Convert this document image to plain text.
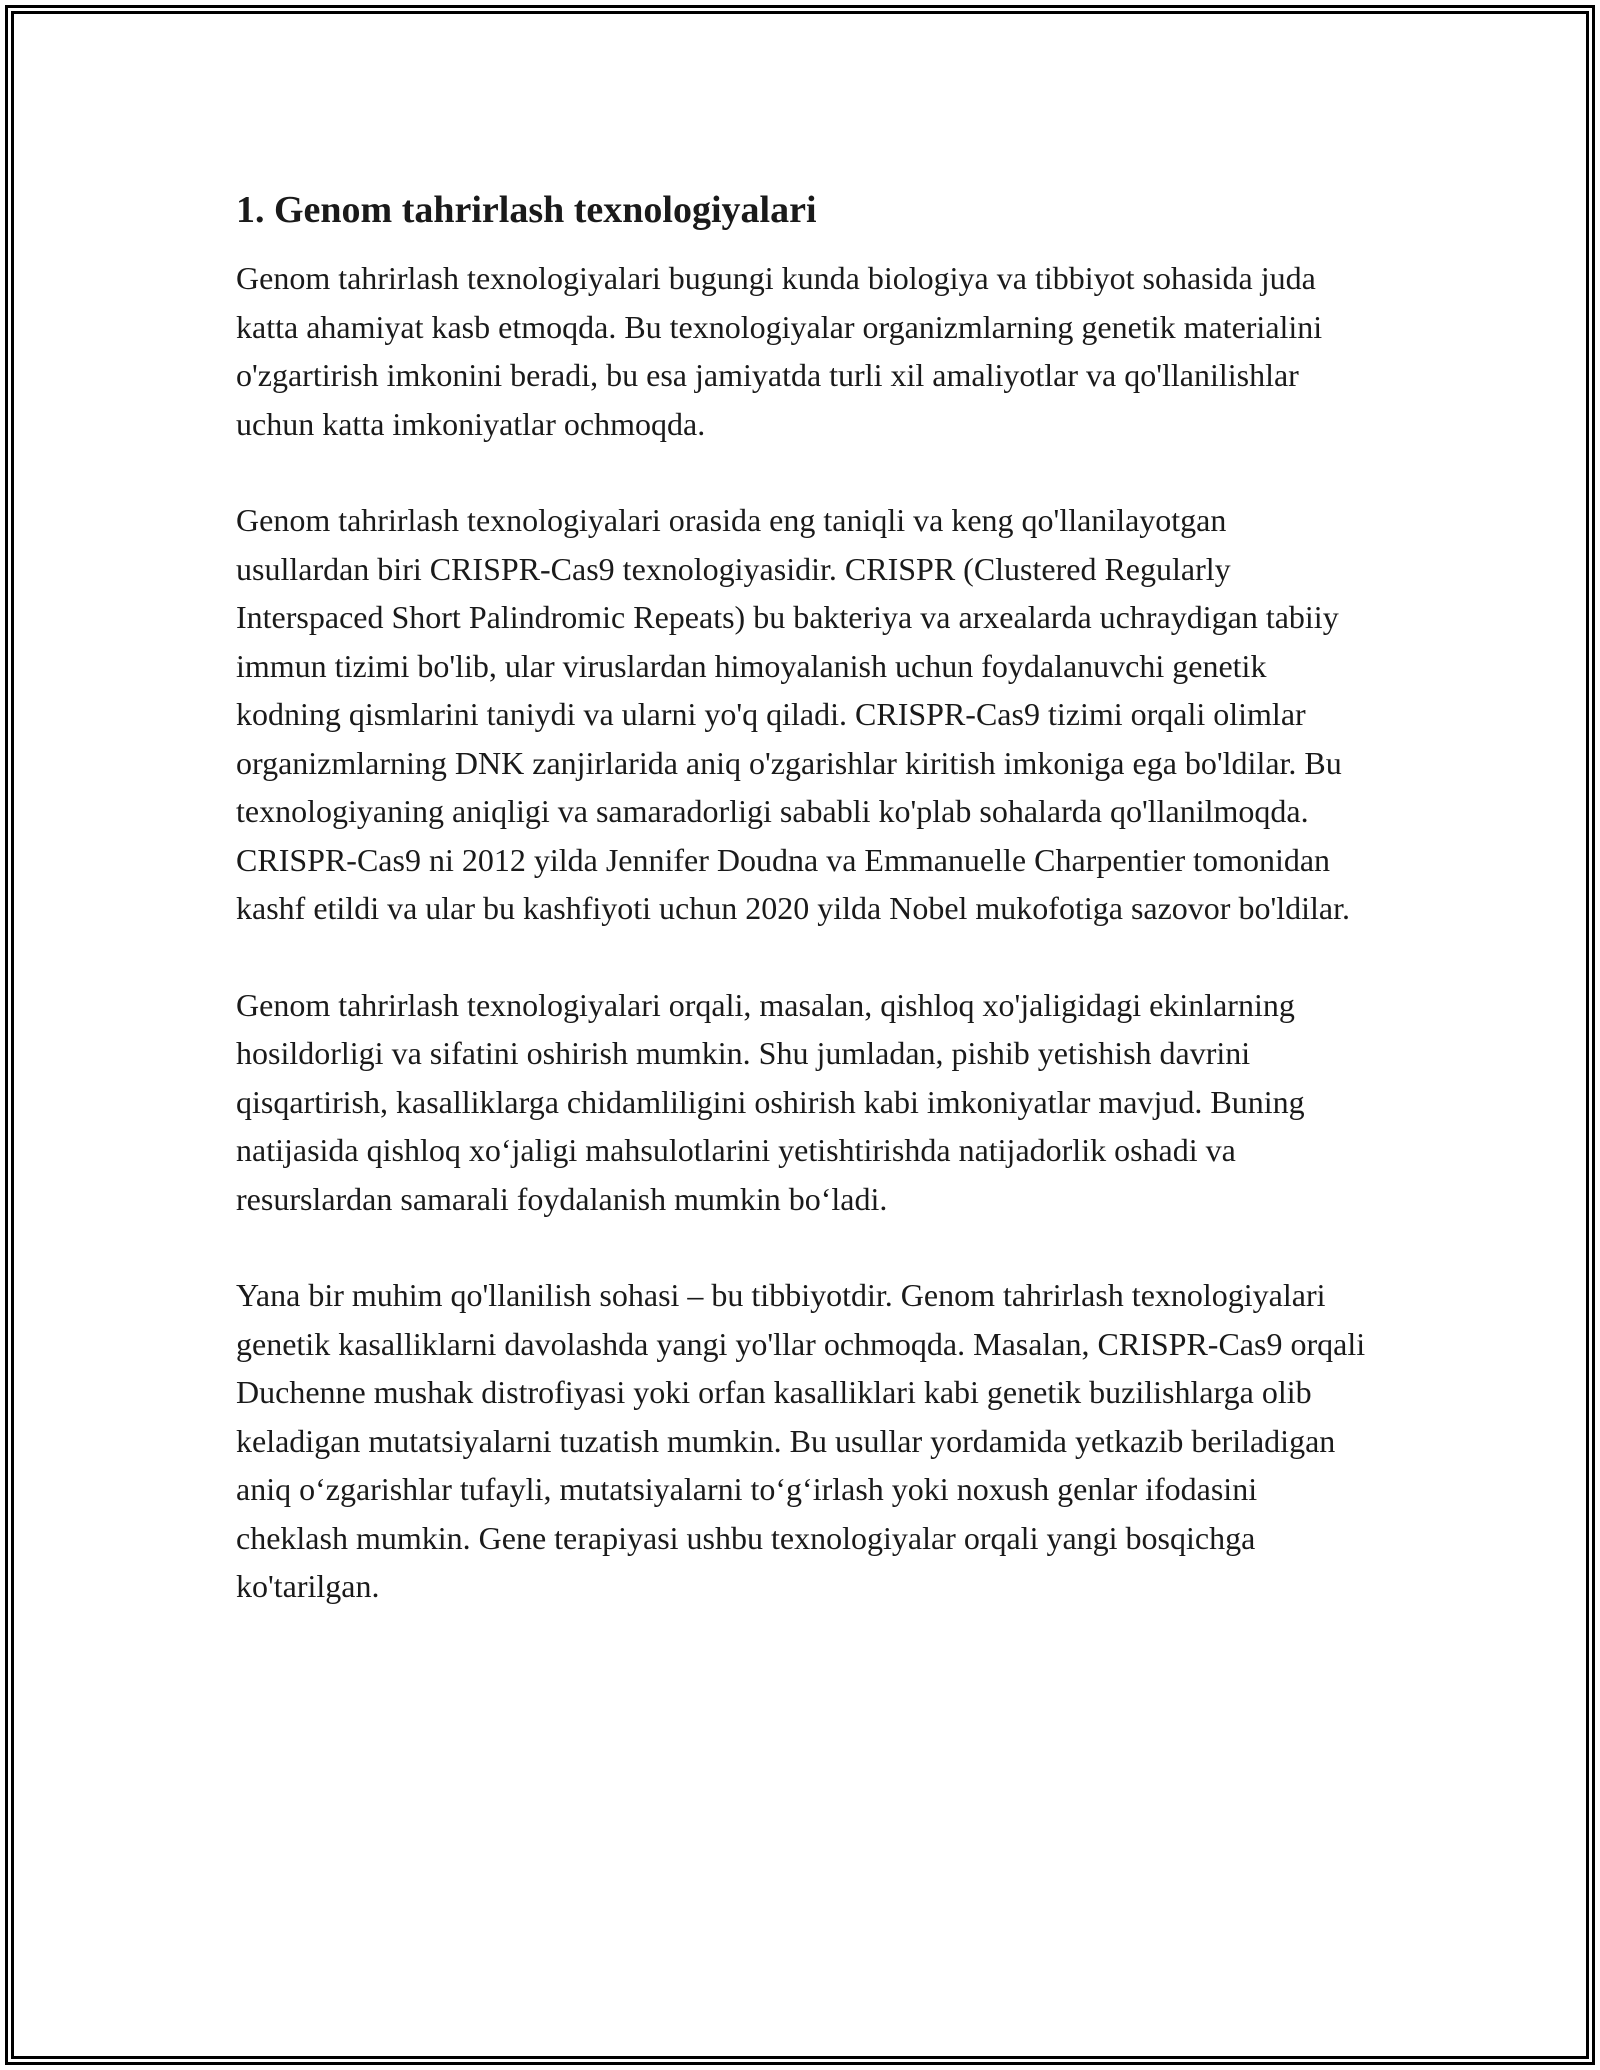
1. Genom tahrirlash texnologiyalari

Genom tahrirlash texnologiyalari bugungi kunda biologiya va tibbiyot sohasida juda katta ahamiyat kasb etmoqda. Bu texnologiyalar organizmlarning genetik materialini o'zgartirish imkonini beradi, bu esa jamiyatda turli xil amaliyotlar va qo'llanilishlar uchun katta imkoniyatlar ochmoqda.

Genom tahrirlash texnologiyalari orasida eng taniqli va keng qo'llanilayotgan usullardan biri CRISPR-Cas9 texnologiyasidir. CRISPR (Clustered Regularly Interspaced Short Palindromic Repeats) bu bakteriya va arxealarda uchraydigan tabiiy immun tizimi bo'lib, ular viruslardan himoyalanish uchun foydalanuvchi genetik kodning qismlarini taniydi va ularni yo'q qiladi. CRISPR-Cas9 tizimi orqali olimlar organizmlarning DNK zanjirlarida aniq o'zgarishlar kiritish imkoniga ega bo'ldilar. Bu texnologiyaning aniqligi va samaradorligi sababli ko'plab sohalarda qo'llanilmoqda. CRISPR-Cas9 ni 2012 yilda Jennifer Doudna va Emmanuelle Charpentier tomonidan kashf etildi va ular bu kashfiyoti uchun 2020 yilda Nobel mukofotiga sazovor bo'ldilar.

Genom tahrirlash texnologiyalari orqali, masalan, qishloq xo'jaligidagi ekinlarning hosildorligi va sifatini oshirish mumkin. Shu jumladan, pishib yetishish davrini qisqartirish, kasalliklarga chidamliligini oshirish kabi imkoniyatlar mavjud. Buning natijasida qishloq xo‘jaligi mahsulotlarini yetishtirishda natijadorlik oshadi va resurslardan samarali foydalanish mumkin bo‘ladi.

Yana bir muhim qo'llanilish sohasi – bu tibbiyotdir. Genom tahrirlash texnologiyalari genetik kasalliklarni davolashda yangi yo'llar ochmoqda. Masalan, CRISPR-Cas9 orqali Duchenne mushak distrofiyasi yoki orfan kasalliklari kabi genetik buzilishlarga olib keladigan mutatsiyalarni tuzatish mumkin. Bu usullar yordamida yetkazib beriladigan aniq o‘zgarishlar tufayli, mutatsiyalarni to‘g‘irlash yoki noxush genlar ifodasini cheklash mumkin. Gene terapiyasi ushbu texnologiyalar orqali yangi bosqichga ko'tarilgan.
